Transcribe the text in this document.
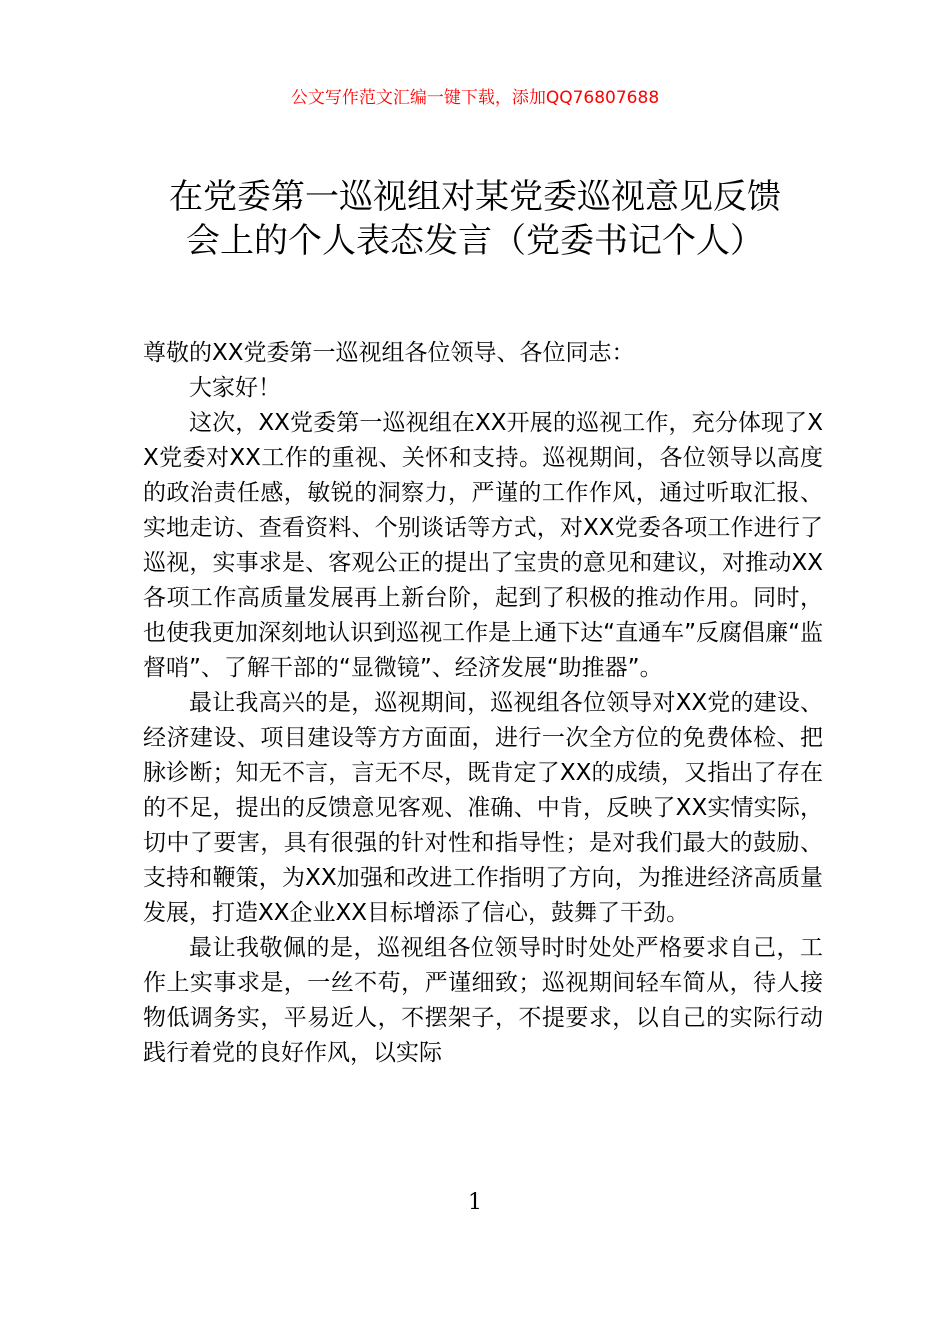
公文写作范文汇编一键下载，添加QQ76807688
在党委第一巡视组对某党委巡视意见反馈
会上的个人表态发言（党委书记个人）

尊敬的XX党委第一巡视组各位领导、各位同志：

大家好！

这次，XX党委第一巡视组在XX开展的巡视工作，充分体现了XX党委对XX工作的重视、关怀和支持。巡视期间，各位领导以高度的政治责任感，敏锐的洞察力，严谨的工作作风，通过听取汇报、实地走访、查看资料、个别谈话等方式，对XX党委各项工作进行了巡视，实事求是、客观公正的提出了宝贵的意见和建议，对推动XX各项工作高质量发展再上新台阶，起到了积极的推动作用。同时，也使我更加深刻地认识到巡视工作是上通下达“直通车”反腐倡廉“监督哨”、了解干部的“显微镜”、经济发展“助推器”。

最让我高兴的是，巡视期间，巡视组各位领导对XX党的建设、经济建设、项目建设等方方面面，进行一次全方位的免费体检、把脉诊断；知无不言，言无不尽，既肯定了XX的成绩，又指出了存在的不足，提出的反馈意见客观、准确、中肯，反映了XX实情实际，切中了要害，具有很强的针对性和指导性；是对我们最大的鼓励、支持和鞭策，为XX加强和改进工作指明了方向，为推进经济高质量发展，打造XX企业XX目标增添了信心，鼓舞了干劲。

最让我敬佩的是，巡视组各位领导时时处处严格要求自己，工作上实事求是，一丝不苟，严谨细致；巡视期间轻车简从，待人接物低调务实，平易近人，不摆架子，不提要求，以自己的实际行动践行着党的良好作风，以实际

1
